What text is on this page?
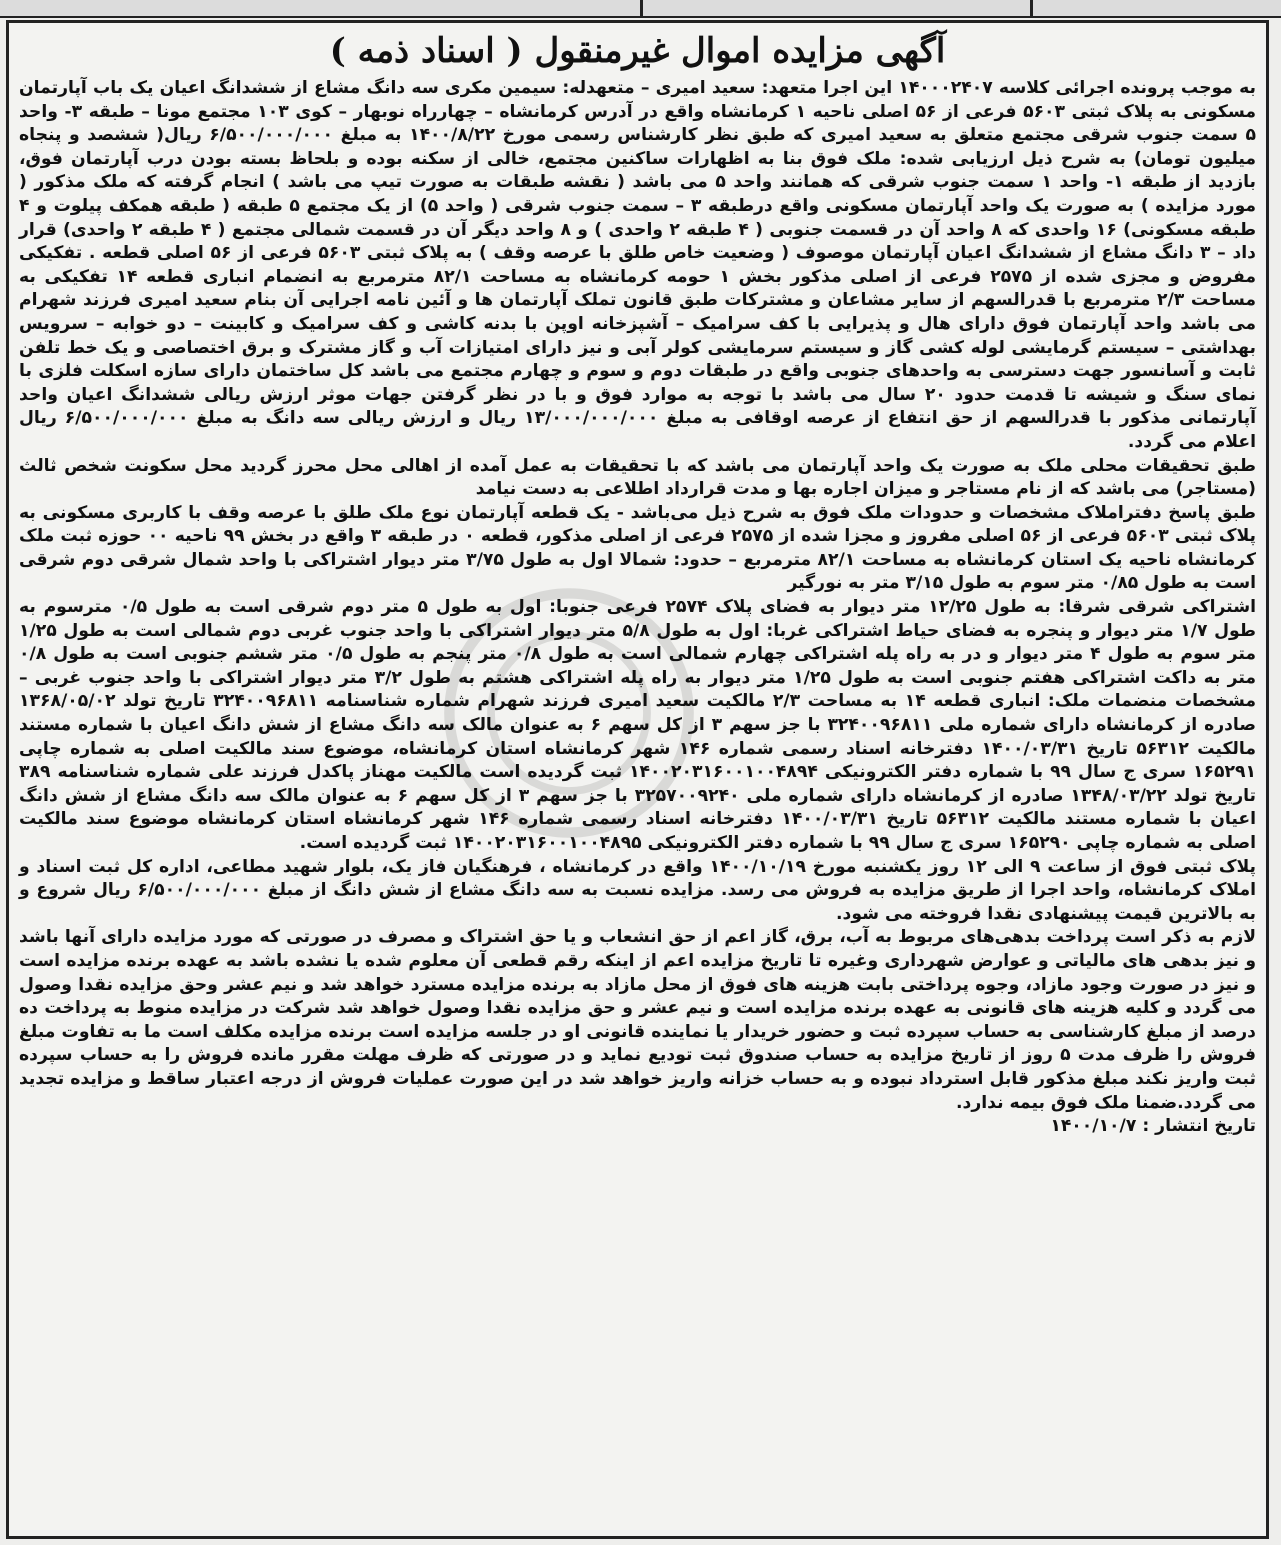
آگهی مزایده اموال غیرمنقول ( اسناد ذمه )

به موجب پرونده اجرائی کلاسه ۱۴۰۰۰۲۴۰۷ این اجرا متعهد: سعید امیری – متعهدله: سیمین مکری سه دانگ مشاع از ششدانگ اعیان یک باب آپارتمان مسکونی به پلاک ثبتی ۵۶۰۳ فرعی از ۵۶ اصلی ناحیه ۱ کرمانشاه واقع در آدرس کرمانشاه – چهارراه نوبهار – کوی ۱۰۳ مجتمع مونا – طبقه ۳- واحد ۵ سمت جنوب شرقی مجتمع متعلق به سعید امیری که طبق نظر کارشناس رسمی مورخ ۱۴۰۰/۸/۲۲ به مبلغ ۶/۵۰۰/۰۰۰/۰۰۰ ریال( ششصد و پنجاه میلیون تومان) به شرح ذیل ارزیابی شده: ملک فوق بنا به اظهارات ساکنین مجتمع، خالی از سکنه بوده و بلحاظ بسته بودن درب آپارتمان فوق، بازدید از طبقه ۱- واحد ۱ سمت جنوب شرقی که همانند واحد ۵ می باشد ( نقشه طبقات به صورت تیپ می باشد ) انجام گرفته که ملک مذکور ( مورد مزایده ) به صورت یک واحد آپارتمان مسکونی واقع درطبقه ۳ – سمت جنوب شرقی ( واحد ۵) از یک مجتمع ۵ طبقه ( طبقه همکف پیلوت و ۴ طبقه مسکونی) ۱۶ واحدی که ۸ واحد آن در قسمت جنوبی ( ۴ طبقه ۲ واحدی ) و ۸ واحد دیگر آن در قسمت شمالی مجتمع ( ۴ طبقه ۲ واحدی) قرار داد – ۳ دانگ مشاع از ششدانگ اعیان آپارتمان موصوف ( وضعیت خاص طلق با عرصه وقف ) به پلاک ثبتی ۵۶۰۳ فرعی از ۵۶ اصلی قطعه . تفکیکی مفروض و مجزی شده از ۲۵۷۵ فرعی از اصلی مذکور بخش ۱ حومه کرمانشاه به مساحت ۸۲/۱ مترمربع به انضمام انباری قطعه ۱۴ تفکیکی به مساحت ۲/۳ مترمربع با قدرالسهم از سایر مشاعان و مشترکات طبق قانون تملک آپارتمان ها و آئین نامه اجرایی آن بنام سعید امیری فرزند شهرام می باشد واحد آپارتمان فوق دارای هال و پذیرایی با کف سرامیک – آشپزخانه اوپن با بدنه کاشی و کف سرامیک و کابینت – دو خوابه – سرویس بهداشتی – سیستم گرمایشی لوله کشی گاز و سیستم سرمایشی کولر آبی و نیز دارای امتیازات آب و گاز مشترک و برق اختصاصی و یک خط تلفن ثابت و آسانسور جهت دسترسی به واحدهای جنوبی واقع در طبقات دوم و سوم و چهارم مجتمع می باشد کل ساختمان دارای سازه اسکلت فلزی با نمای سنگ و شیشه تا قدمت حدود ۲۰ سال می باشد با توجه به موارد فوق و با در نظر گرفتن جهات موثر ارزش ریالی ششدانگ اعیان واحد آپارتمانی مذکور با قدرالسهم از حق انتفاع از عرصه اوقافی به مبلغ ۱۳/۰۰۰/۰۰۰/۰۰۰ ریال و ارزش ریالی سه دانگ به مبلغ ۶/۵۰۰/۰۰۰/۰۰۰ ریال اعلام می گردد.

طبق تحقیقات محلی ملک به صورت یک واحد آپارتمان می باشد که با تحقیقات به عمل آمده از اهالی محل محرز گردید محل سکونت شخص ثالث (مستاجر) می باشد که از نام مستاجر و میزان اجاره بها و مدت قرارداد اطلاعی به دست نیامد

طبق پاسخ دفتراملاک مشخصات و حدودات ملک فوق به شرح ذیل می‌باشد - یک قطعه آپارتمان نوع ملک طلق با عرصه وقف با کاربری مسکونی به پلاک ثبتی ۵۶۰۳ فرعی از ۵۶ اصلی مفروز و مجزا شده از ۲۵۷۵ فرعی از اصلی مذکور، قطعه ۰ در طبقه ۳ واقع در بخش ۹۹ ناحیه ۰۰ حوزه ثبت ملک کرمانشاه ناحیه یک استان کرمانشاه به مساحت ۸۲/۱ مترمربع – حدود: شمالا اول به طول ۳/۷۵ متر دیوار اشتراکی با واحد شمال شرقی دوم شرقی است به طول ۰/۸۵ متر سوم به طول ۳/۱۵ متر به نورگیر

اشتراکی شرقی شرقا: به طول ۱۲/۲۵ متر دیوار به فضای پلاک ۲۵۷۴ فرعی جنوبا: اول به طول ۵ متر دوم شرقی است به طول ۰/۵ مترسوم به طول ۱/۷ متر دیوار و پنجره به فضای حیاط اشتراکی غربا: اول به طول ۵/۸ متر دیوار اشتراکی با واحد جنوب غربی دوم شمالی است به طول ۱/۲۵ متر سوم به طول ۴ متر دیوار و در به راه پله اشتراکی چهارم شمالی است به طول ۰/۸ متر پنجم به طول ۰/۵ متر ششم جنوبی است به طول ۰/۸ متر به داکت اشتراکی هفتم جنوبی است به طول ۱/۲۵ متر دیوار به راه پله اشتراکی هشتم به طول ۳/۲ متر دیوار اشتراکی با واحد جنوب غربی –مشخصات منضمات ملک: انباری قطعه ۱۴ به مساحت ۲/۳ مالکیت سعید امیری فرزند شهرام شماره شناسنامه ۳۲۴۰۰۹۶۸۱۱ تاریخ تولد ۱۳۶۸/۰۵/۰۲ صادره از کرمانشاه دارای شماره ملی ۳۲۴۰۰۹۶۸۱۱ با جز سهم ۳ از کل سهم ۶ به عنوان مالک سه دانگ مشاع از شش دانگ اعیان با شماره مستند مالکیت ۵۶۳۱۲ تاریخ ۱۴۰۰/۰۳/۳۱ دفترخانه اسناد رسمی شماره ۱۴۶ شهر کرمانشاه استان کرمانشاه، موضوع سند مالکیت اصلی به شماره چاپی ۱۶۵۲۹۱ سری ج سال ۹۹ با شماره دفتر الکترونیکی ۱۴۰۰۲۰۳۱۶۰۰۱۰۰۴۸۹۴ ثبت گردیده است مالکیت مهناز پاکدل فرزند علی شماره شناسنامه ۳۸۹ تاریخ تولد ۱۳۴۸/۰۳/۲۲ صادره از کرمانشاه دارای شماره ملی ۳۲۵۷۰۰۹۲۴۰ با جز سهم ۳ از کل سهم ۶ به عنوان مالک سه دانگ مشاع از شش دانگ اعیان با شماره مستند مالکیت ۵۶۳۱۲ تاریخ ۱۴۰۰/۰۳/۳۱ دفترخانه اسناد رسمی شماره ۱۴۶ شهر کرمانشاه استان کرمانشاه موضوع سند مالکیت اصلی به شماره چاپی ۱۶۵۲۹۰ سری ج سال ۹۹ با شماره دفتر الکترونیکی ۱۴۰۰۲۰۳۱۶۰۰۱۰۰۴۸۹۵ ثبت گردیده است.

پلاک ثبتی فوق از ساعت ۹ الی ۱۲ روز یکشنبه مورخ ۱۴۰۰/۱۰/۱۹ واقع در کرمانشاه ، فرهنگیان فاز یک، بلوار شهید مطاعی، اداره کل ثبت اسناد و املاک کرمانشاه، واحد اجرا از طریق مزایده به فروش می رسد. مزایده نسبت به سه دانگ مشاع از شش دانگ از مبلغ ۶/۵۰۰/۰۰۰/۰۰۰ ریال شروع و به بالاترین قیمت پیشنهادی نقدا فروخته می شود.

لازم به ذکر است پرداخت بدهی‌های مربوط به آب، برق، گاز اعم از حق انشعاب و یا حق اشتراک و مصرف در صورتی که مورد مزایده دارای آنها باشد و نیز بدهی های مالیاتی و عوارض شهرداری وغیره تا تاریخ مزایده اعم از اینکه رقم قطعی آن معلوم شده یا نشده باشد به عهده برنده مزایده است و نیز در صورت وجود مازاد، وجوه پرداختی بابت هزینه های فوق از محل مازاد به برنده مزایده مسترد خواهد شد و نیم عشر وحق مزایده نقدا وصول می گردد و کلیه هزینه های قانونی به عهده برنده مزایده است و نیم عشر و حق مزایده نقدا وصول خواهد شد شرکت در مزایده منوط به پرداخت ده درصد از مبلغ کارشناسی به حساب سپرده ثبت و حضور خریدار یا نماینده قانونی او در جلسه مزایده است برنده مزایده مکلف است ما به تفاوت مبلغ فروش را ظرف مدت ۵ روز از تاریخ مزایده به حساب صندوق ثبت تودیع نماید و در صورتی که ظرف مهلت مقرر مانده فروش را به حساب سپرده ثبت واریز نکند مبلغ مذکور قابل استرداد نبوده و به حساب خزانه واریز خواهد شد در این صورت عملیات فروش از درجه اعتبار ساقط و مزایده تجدید می گردد.ضمنا ملک فوق بیمه ندارد.

تاریخ انتشار : ۱۴۰۰/۱۰/۷
